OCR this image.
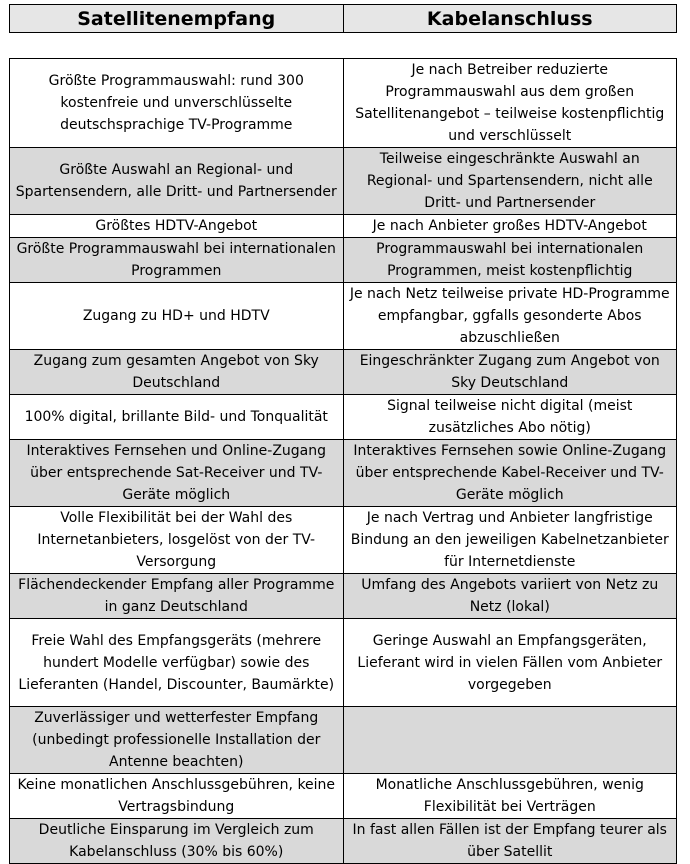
Satellitenempfang	Kabelanschluss
Größte Programmauswahl: rund 300 kostenfreie und unverschlüsselte deutschsprachige TV-Programme	Je nach Betreiber reduzierte Programmauswahl aus dem großen Satellitenangebot – teilweise kostenpflichtig und verschlüsselt
Größte Auswahl an Regional- und Spartensendern, alle Dritt- und Partnersender	Teilweise eingeschränkte Auswahl an Regional- und Spartensendern, nicht alle Dritt- und Partnersender
Größtes HDTV-Angebot	Je nach Anbieter großes HDTV-Angebot
Größte Programmauswahl bei internationalen Programmen	Programmauswahl bei internationalen Programmen, meist kostenpflichtig
Zugang zu HD+ und HDTV	Je nach Netz teilweise private HD-Programme empfangbar, ggfalls gesonderte Abos abzuschließen
Zugang zum gesamten Angebot von Sky Deutschland	Eingeschränkter Zugang zum Angebot von Sky Deutschland
100% digital, brillante Bild- und Tonqualität	Signal teilweise nicht digital (meist zusätzliches Abo nötig)
Interaktives Fernsehen und Online-Zugang über entsprechende Sat-Receiver und TV-Geräte möglich	Interaktives Fernsehen sowie Online-Zugang über entsprechende Kabel-Receiver und TV-Geräte möglich
Volle Flexibilität bei der Wahl des Internetanbieters, losgelöst von der TV-Versorgung	Je nach Vertrag und Anbieter langfristige Bindung an den jeweiligen Kabelnetzanbieter für Internetdienste
Flächendeckender Empfang aller Programme in ganz Deutschland	Umfang des Angebots variiert von Netz zu Netz (lokal)
Freie Wahl des Empfangsgeräts (mehrere hundert Modelle verfügbar) sowie des Lieferanten (Handel, Discounter, Baumärkte)	Geringe Auswahl an Empfangsgeräten, Lieferant wird in vielen Fällen vom Anbieter vorgegeben
Zuverlässiger und wetterfester Empfang (unbedingt professionelle Installation der Antenne beachten)	
Keine monatlichen Anschlussgebühren, keine Vertragsbindung	Monatliche Anschlussgebühren, wenig Flexibilität bei Verträgen
Deutliche Einsparung im Vergleich zum Kabelanschluss (30% bis 60%)	In fast allen Fällen ist der Empfang teurer als über Satellit
